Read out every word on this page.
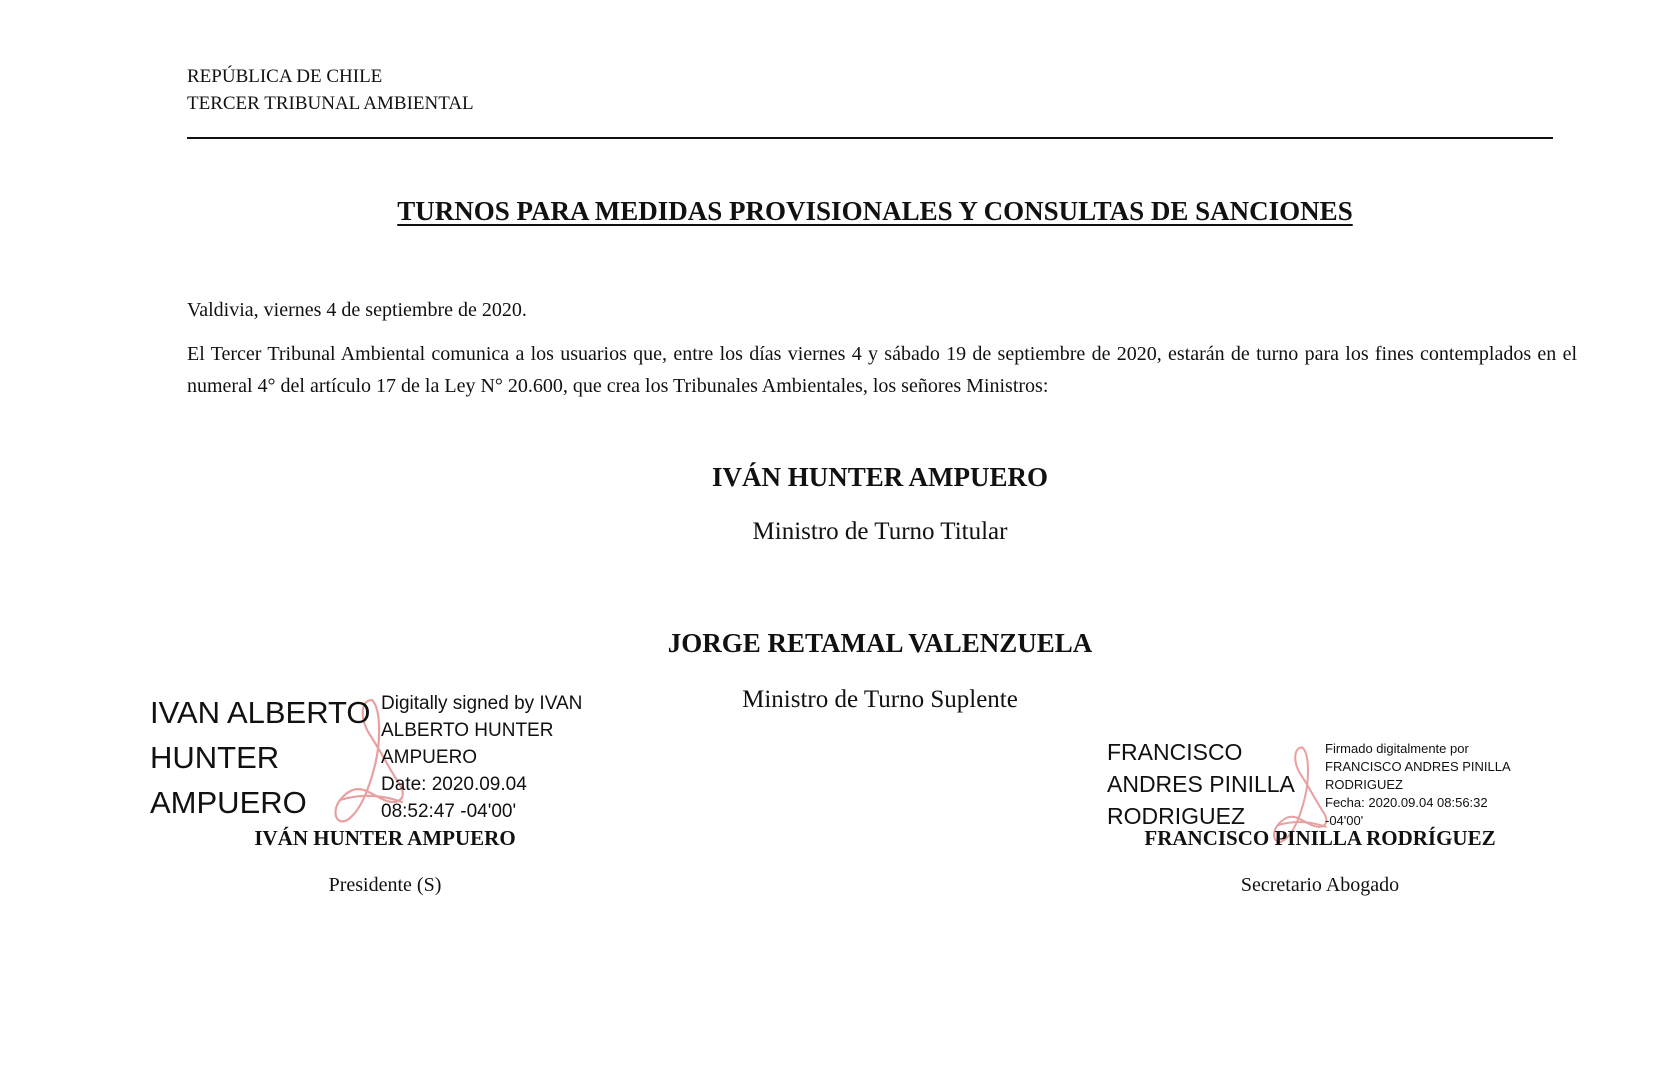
REPÚBLICA DE CHILE
TERCER TRIBUNAL AMBIENTAL
TURNOS PARA MEDIDAS PROVISIONALES Y CONSULTAS DE SANCIONES
Valdivia, viernes 4 de septiembre de 2020.
El Tercer Tribunal Ambiental comunica a los usuarios que, entre los días viernes 4 y sábado 19 de septiembre de 2020, estarán de turno para los fines contemplados en el numeral 4° del artículo 17 de la Ley N° 20.600, que crea los Tribunales Ambientales, los señores Ministros:
IVÁN HUNTER AMPUERO
Ministro de Turno Titular
JORGE RETAMAL VALENZUELA
Ministro de Turno Suplente
IVAN ALBERTO
HUNTER
AMPUERO
Digitally signed by IVAN
ALBERTO HUNTER
AMPUERO
Date: 2020.09.04
08:52:47 -04'00'
IVÁN HUNTER AMPUERO
Presidente (S)
FRANCISCO
ANDRES PINILLA
RODRIGUEZ
Firmado digitalmente por
FRANCISCO ANDRES PINILLA
RODRIGUEZ
Fecha: 2020.09.04 08:56:32
-04'00'
FRANCISCO PINILLA RODRÍGUEZ
Secretario Abogado
